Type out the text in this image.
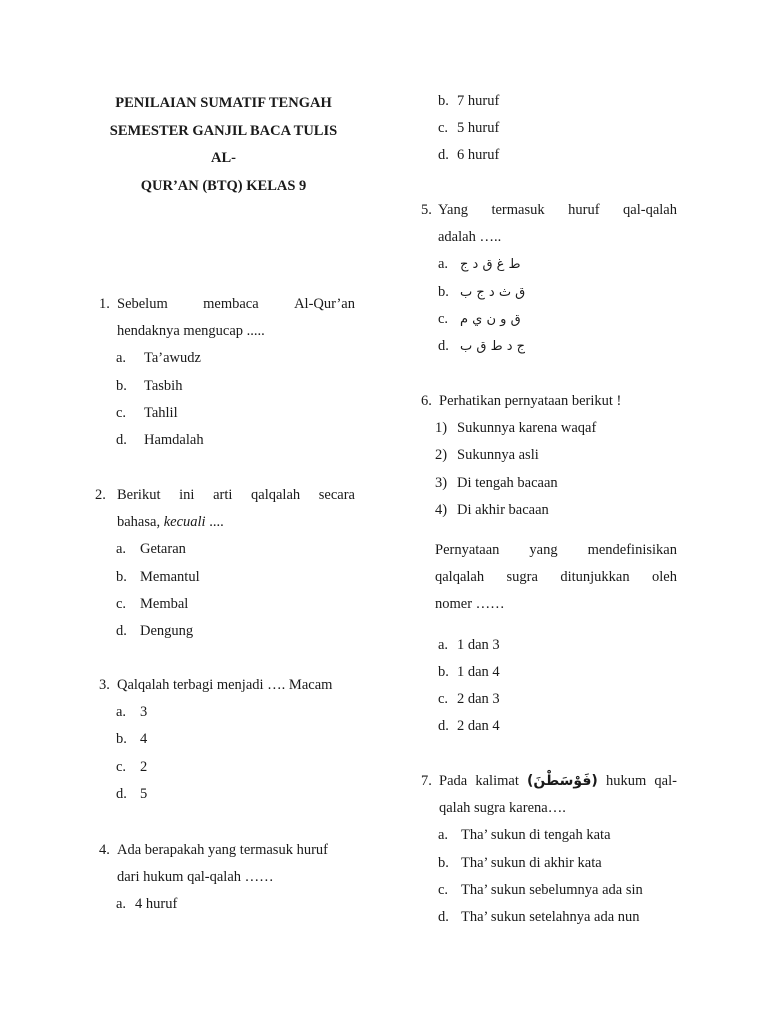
PENILAIAN SUMATIF TENGAH
SEMESTER GANJIL BACA TULIS AL-
QUR’AN (BTQ) KELAS 9
1. Sebelum membaca Al-Qur’an
hendaknya mengucap .....
a. Ta’awudz
b. Tasbih
c. Tahlil
d. Hamdalah
2. Berikut ini arti qalqalah secara
bahasa, kecuali ....
a. Getaran
b. Memantul
c. Membal
d. Dengung
3. Qalqalah terbagi menjadi …. Macam
a. 3
b. 4
c. 2
d. 5
4. Ada berapakah yang termasuk huruf
dari hukum qal-qalah ……
a. 4 huruf
b. 7 huruf
c. 5 huruf
d. 6 huruf
5. Yang termasuk huruf qal-qalah
adalah …..
a. ط غ ق د ج
b. ق ث د ج ب
c. ق و ن ي م
d. ج د ط ق ب
6. Perhatikan pernyataan berikut !
1) Sukunnya karena waqaf
2) Sukunnya asli
3) Di tengah bacaan
4) Di akhir bacaan
Pernyataan yang mendefinisikan
qalqalah sugra ditunjukkan oleh
nomer ……
a. 1 dan 3
b. 1 dan 4
c. 2 dan 3
d. 2 dan 4
7. Pada kalimat (فَوْسَطْنَ) hukum qal-
qalah sugra karena….
a. Tha’ sukun di tengah kata
b. Tha’ sukun di akhir kata
c. Tha’ sukun sebelumnya ada sin
d. Tha’ sukun setelahnya ada nun
